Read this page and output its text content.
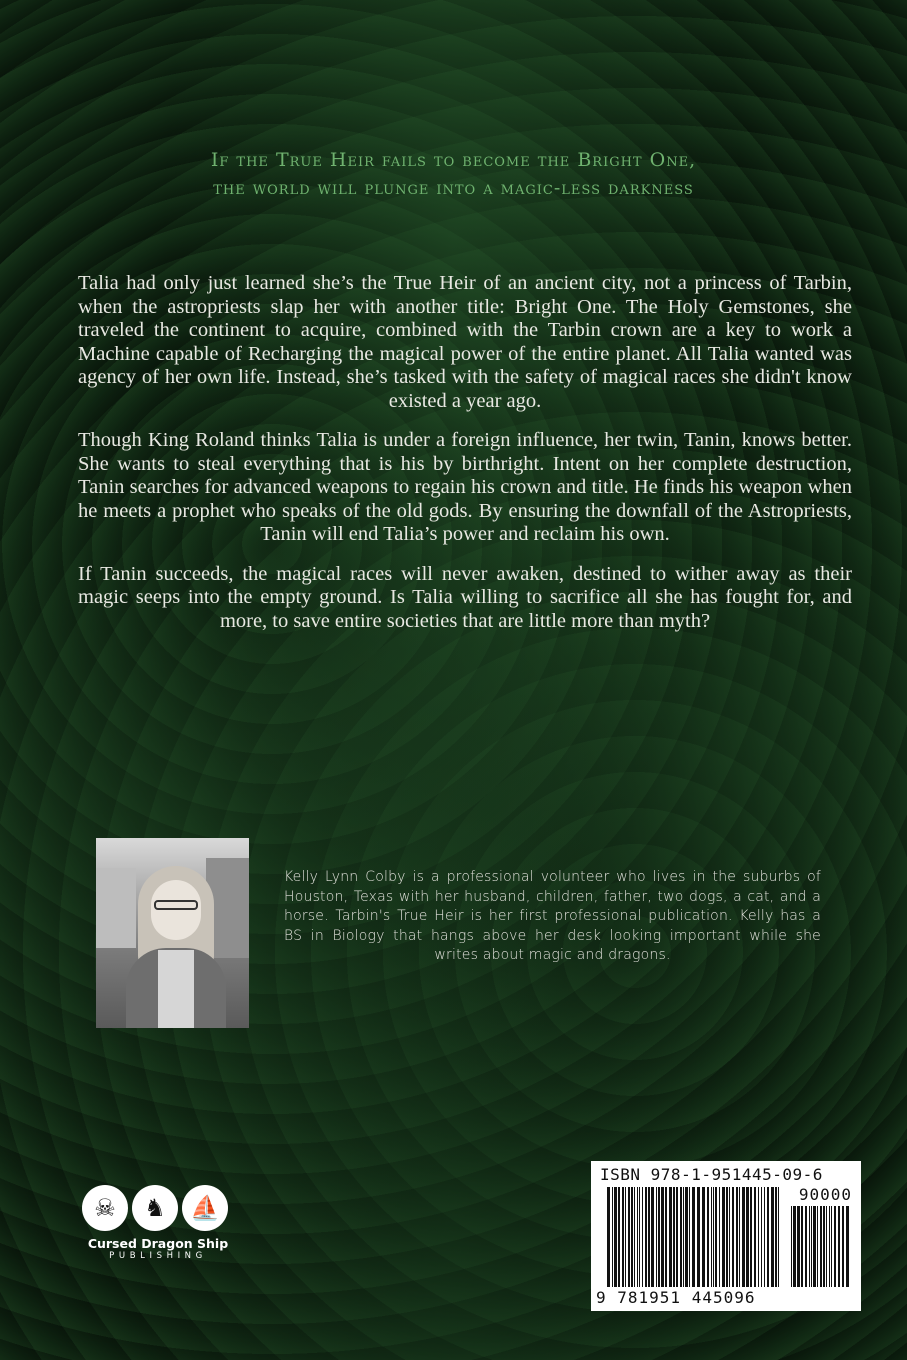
If the True Heir fails to become the Bright One,
the world will plunge into a magic-less darkness

Talia had only just learned she’s the True Heir of an ancient city, not a princess of Tarbin, when the astropriests slap her with another title: Bright One. The Holy Gemstones, she traveled the continent to acquire, combined with the Tarbin crown are a key to work a Machine capable of Recharging the magical power of the entire planet. All Talia wanted was agency of her own life. Instead, she’s tasked with the safety of magical races she didn't know existed a year ago.

Though King Roland thinks Talia is under a foreign influence, her twin, Tanin, knows better. She wants to steal everything that is his by birthright. Intent on her complete destruction, Tanin searches for advanced weapons to regain his crown and title. He finds his weapon when he meets a prophet who speaks of the old gods. By ensuring the downfall of the Astropriests, Tanin will end Talia’s power and reclaim his own.

If Tanin succeeds, the magical races will never awaken, destined to wither away as their magic seeps into the empty ground. Is Talia willing to sacrifice all she has fought for, and more, to save entire societies that are little more than myth?

Kelly Lynn Colby is a professional volunteer who lives in the suburbs of Houston, Texas with her husband, children, father, two dogs, a cat, and a horse. Tarbin's True Heir is her first professional publication. Kelly has a BS in Biology that hangs above her desk looking important while she writes about magic and dragons.
☠	♞	⛵
Cursed Dragon Ship
PUBLISHING
ISBN 978-1-951445-09-6
90000
9 781951 445096
